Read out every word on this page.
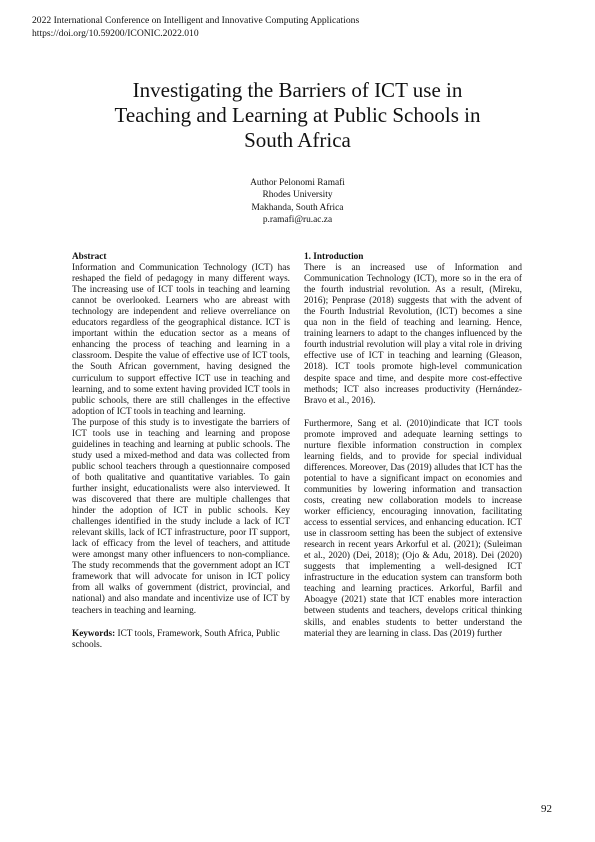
2022 International Conference on Intelligent and Innovative Computing Applications
https://doi.org/10.59200/ICONIC.2022.010
Investigating the Barriers of ICT use in
Teaching and Learning at Public Schools in
South Africa
Author Pelonomi Ramafi
Rhodes University
Makhanda, South Africa
p.ramafi@ru.ac.za

Abstract

Information and Communication Technology (ICT) has reshaped the field of pedagogy in many different ways. The increasing use of ICT tools in teaching and learning cannot be overlooked. Learners who are abreast with technology are independent and relieve overreliance on educators regardless of the geographical distance. ICT is important within the education sector as a means of enhancing the process of teaching and learning in a classroom. Despite the value of effective use of ICT tools, the South African government, having designed the curriculum to support effective ICT use in teaching and learning, and to some extent having provided ICT tools in public schools, there are still challenges in the effective adoption of ICT tools in teaching and learning.

The purpose of this study is to investigate the barriers of ICT tools use in teaching and learning and propose guidelines in teaching and learning at public schools. The study used a mixed-method and data was collected from public school teachers through a questionnaire composed of both qualitative and quantitative variables. To gain further insight, educationalists were also interviewed. It was discovered that there are multiple challenges that hinder the adoption of ICT in public schools. Key challenges identified in the study include a lack of ICT relevant skills, lack of ICT infrastructure, poor IT support, lack of efficacy from the level of teachers, and attitude were amongst many other influencers to non-compliance. The study recommends that the government adopt an ICT framework that will advocate for unison in ICT policy from all walks of government (district, provincial, and national) and also mandate and incentivize use of ICT by teachers in teaching and learning.

Keywords: ICT tools, Framework, South Africa, Public schools.

1. Introduction

There is an increased use of Information and Communication Technology (ICT), more so in the era of the fourth industrial revolution. As a result, (Mireku, 2016); Penprase (2018) suggests that with the advent of the Fourth Industrial Revolution, (ICT) becomes a sine qua non in the field of teaching and learning. Hence, training learners to adapt to the changes influenced by the fourth industrial revolution will play a vital role in driving effective use of ICT in teaching and learning (Gleason, 2018). ICT tools promote high-level communication despite space and time, and despite more cost-effective methods; ICT also increases productivity (Hernández-Bravo et al., 2016).

Furthermore, Sang et al. (2010)indicate that ICT tools promote improved and adequate learning settings to nurture flexible information construction in complex learning fields, and to provide for special individual differences. Moreover, Das (2019) alludes that ICT has the potential to have a significant impact on economies and communities by lowering information and transaction costs, creating new collaboration models to increase worker efficiency, encouraging innovation, facilitating access to essential services, and enhancing education. ICT use in classroom setting has been the subject of extensive research in recent years Arkorful et al. (2021); (Suleiman et al., 2020) (Dei, 2018); (Ojo & Adu, 2018). Dei (2020) suggests that implementing a well-designed ICT infrastructure in the education system can transform both teaching and learning practices. Arkorful, Barfil and Aboagye (2021) state that ICT enables more interaction between students and teachers, develops critical thinking skills, and enables students to better understand the material they are learning in class. Das (2019) further

92
